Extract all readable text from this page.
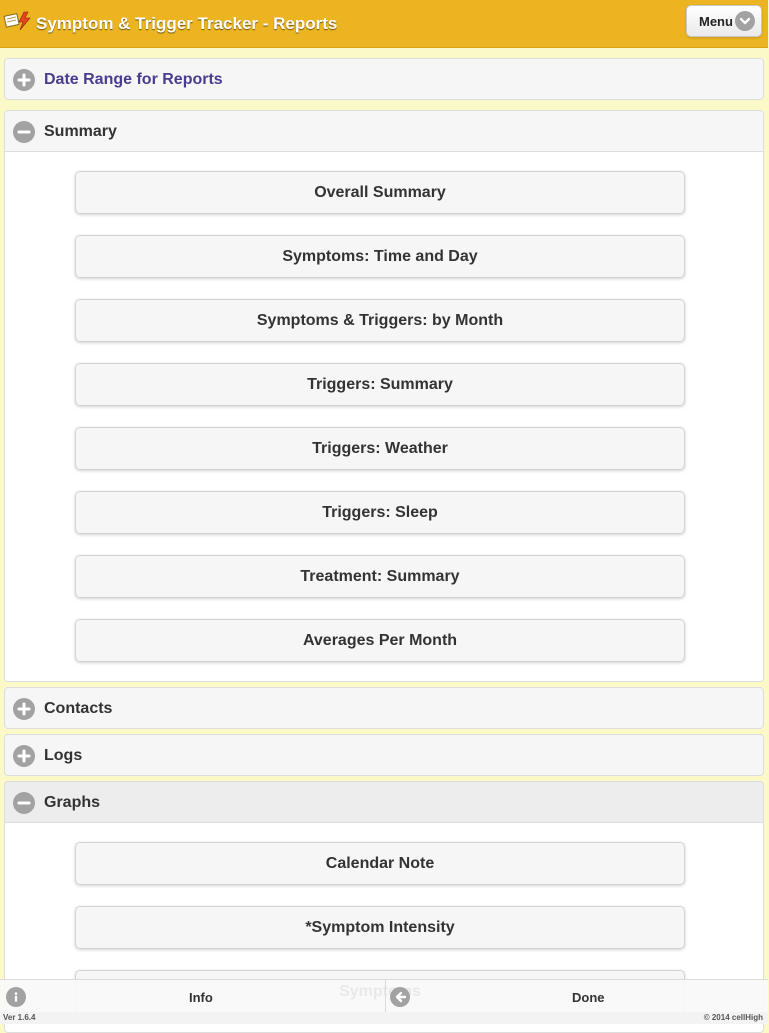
Symptom & Trigger Tracker - Reports	Menu
Date Range for Reports
Summary
Overall Summary
Symptoms: Time and Day
Symptoms & Triggers: by Month
Triggers: Summary
Triggers: Weather
Triggers: Sleep
Treatment: Summary
Averages Per Month
Contacts
Logs
Graphs
Calendar Note
*Symptom Intensity
Info	Done
Ver 1.6.4	© 2014 cellHigh
